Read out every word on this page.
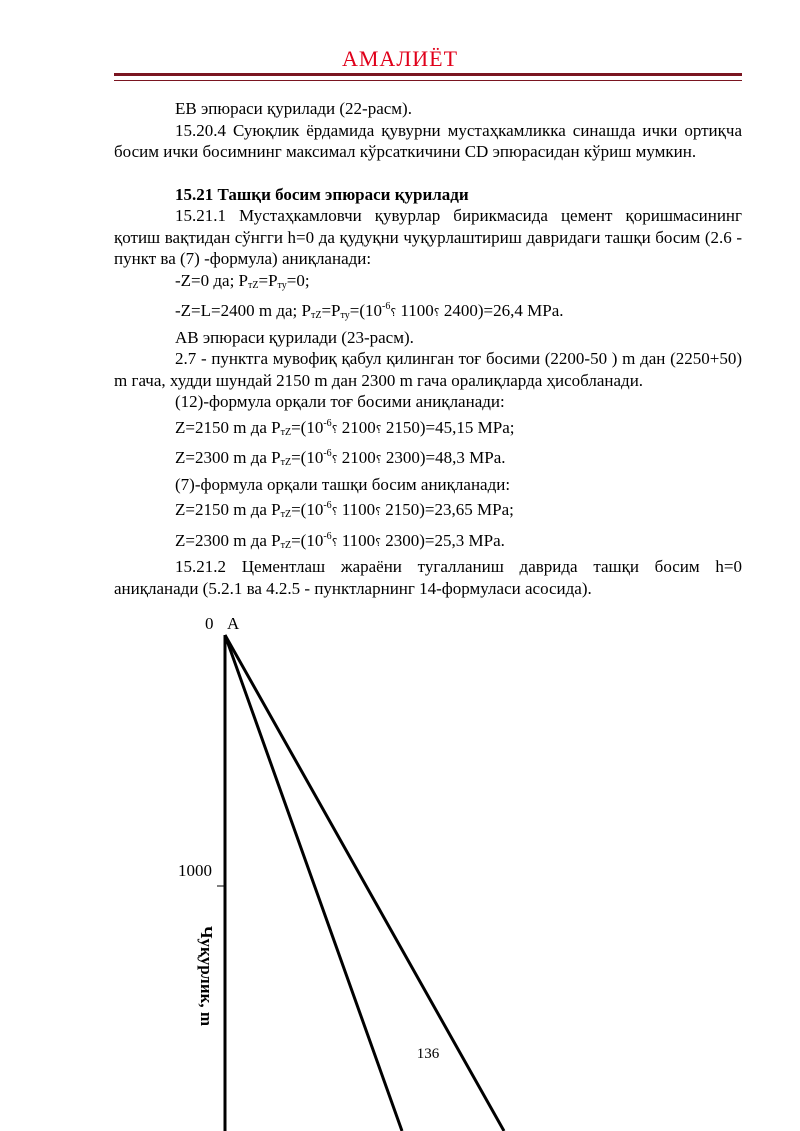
АМАЛИЁТ

ЕВ эпюраси қурилади (22-расм).

15.20.4 Суюқлик ёрдамида қувурни мустаҳкамликка синашда ички ортиқча босим ички босимнинг максимал кўрсаткичини CD эпюрасидан кўриш мумкин.

15.21 Ташқи босим эпюраси қурилади

15.21.1 Мустаҳкамловчи қувурлар бирикмасида цемент қоришмасининг қотиш вақтидан сўнгги h=0 да қудуқни чуқурлаштириш давридаги ташқи босим (2.6 - пункт ва (7) -формула) аниқланади:

-Z=0 да; $P_{тZ}=P_{ту}=0$;

-Z=L=2400 m да; $P_{тZ}=P_{ту}=(10^{-6}⸮$ 1100⸮ 2400)=26,4 MPa.

АВ эпюраси қурилади (23-расм).

2.7 - пунктга мувофиқ қабул қилинган тоғ босими (2200-50 ) m дан (2250+50) m гача, худди шундай 2150 m дан 2300 m гача оралиқларда ҳисобланади.

(12)-формула орқали тоғ босими аниқланади:

Z=2150 m да $P_{тZ}=(10^{-6}⸮$ 2100⸮ 2150)=45,15 MPa;

Z=2300 m да $P_{тZ}=(10^{-6}⸮$ 2100⸮ 2300)=48,3 MPa.

(7)-формула орқали ташқи босим аниқланади:

Z=2150 m да $P_{тZ}=(10^{-6}⸮$ 1100⸮ 2150)=23,65 MPa;

Z=2300 m да $P_{тZ}=(10^{-6}⸮$ 1100⸮ 2300)=25,3 MPa.

15.21.2 Цементлаш жараёни тугалланиш даврида ташқи босим h=0 аниқланади (5.2.1 ва 4.2.5 - пунктларнинг 14-формуласи асосида).

0 A
1000
Чуқурлик, m
136
